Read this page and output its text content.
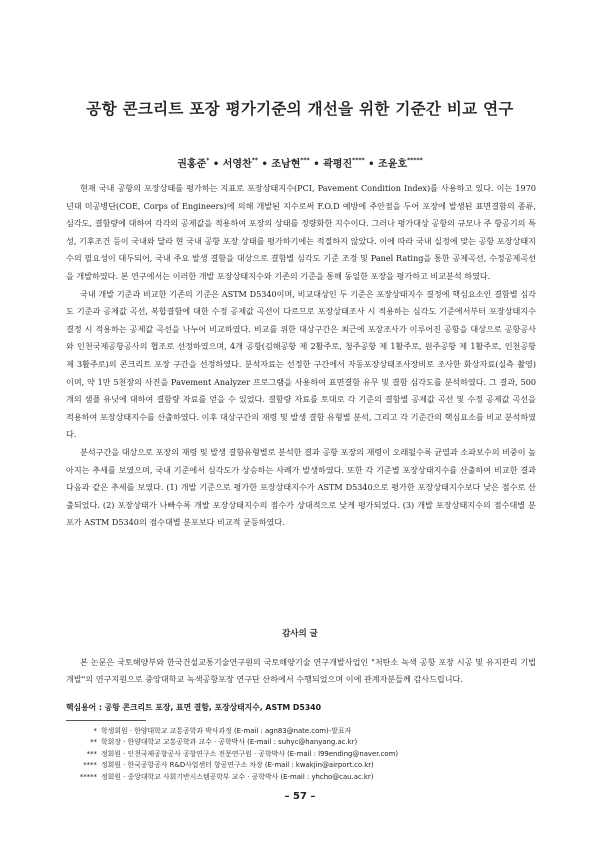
공항 콘크리트 포장 평가기준의 개선을 위한 기준간 비교 연구
권홍준* • 서영찬** • 조남현*** • 곽평진**** • 조윤호*****

현재 국내 공항의 포장상태를 평가하는 지표로 포장상태지수(PCI, Pavement Condition Index)를 사용하고 있다. 이는 1970년대 미공병단(COE, Corps of Engineers)에 의해 개발된 지수로써 F.O.D 예방에 주안점을 두어 포장에 발생된 표면결함의 종류, 심각도, 결함량에 대하여 각각의 공제값을 적용하여 포장의 상태를 정량화한 지수이다. 그러나 평가대상 공항의 규모나 주 항공기의 특성, 기후조건 등이 국내와 달라 현 국내 공항 포장 상태를 평가하기에는 적절하지 않았다. 이에 따라 국내 실정에 맞는 공항 포장상태지수의 필요성이 대두되어, 국내 주요 발생 결함을 대상으로 결함별 심각도 기준 조정 및 Panel Rating을 통한 공제곡선, 수정공제곡선을 개발하였다. 본 연구에서는 이러한 개발 포장상태지수와 기존의 기준을 통해 동일한 포장을 평가하고 비교분석 하였다.

국내 개발 기준과 비교한 기존의 기준은 ASTM D5340이며, 비교대상인 두 기준은 포장상태지수 결정에 핵심요소인 결함별 심각도 기준과 공제값 곡선, 복합결함에 대한 수정 공제값 곡선이 다르므로 포장상태조사 시 적용하는 심각도 기준에서부터 포장상태지수 결정 시 적용하는 공제값 곡선을 나누어 비교하였다. 비교를 위한 대상구간은 최근에 포장조사가 이루어진 공항을 대상으로 공항공사와 인천국제공항공사의 협조로 선정하였으며, 4개 공항(김해공항 제 2활주로, 청주공항 제 1활주로, 원주공항 제 1활주로, 인천공항 제 3활주로)의 콘크리트 포장 구간을 선정하였다. 분석자료는 선정한 구간에서 자동포장상태조사장비로 조사한 화상자료(실측 촬영)이며, 약 1만 5천장의 사진을 Pavement Analyzer 프로그램을 사용하여 표면결함 유무 및 결함 심각도를 분석하였다. 그 결과, 500개의 샘플 유닛에 대하여 결함량 자료를 얻을 수 있었다. 결함량 자료를 토대로 각 기준의 결함별 공제값 곡선 및 수정 공제값 곡선을 적용하여 포장상태지수를 산출하였다. 이후 대상구간의 재령 및 발생 결함 유형별 분석, 그리고 각 기준간의 핵심요소를 비교 분석하였다.

분석구간을 대상으로 포장의 재령 및 발생 결함유형별로 분석한 결과 공항 포장의 재령이 오래될수록 균열과 소파보수의 비중이 높아지는 추세를 보였으며, 국내 기준에서 심각도가 상승하는 사례가 발생하였다. 또한 각 기준별 포장상태지수를 산출하여 비교한 결과 다음과 같은 추세를 보였다. (1) 개발 기준으로 평가한 포장상태지수가 ASTM D5340으로 평가한 포장상태지수보다 낮은 점수로 산출되었다. (2) 포장상태가 나빠수록 개발 포장상태지수의 점수가 상대적으로 낮게 평가되었다. (3) 개발 포장상태지수의 점수대별 분포가 ASTM D5340의 점수대별 분포보다 비교적 균등하였다.

감사의 글

본 논문은 국토해양부와 한국건설교통기술연구원의 국토해양기술 연구개발사업인 "저탄소 녹색 공항 포장 시공 및 유지관리 기법개발"의 연구지원으로 중앙대학교 녹색공항포장 연구단 산하에서 수행되었으며 이에 관계자분들께 감사드립니다.

핵심용어 : 공항 콘크리트 포장, 표면 결함, 포장상태지수, ASTM D5340
* 학생회원 · 한양대학교 교통공학과 박사과정 (E-mail : agn83@nate.com)-발표자
** 학회장 · 한양대학교 교통공학과 교수 · 공학박사 (E-mail : suhyc@hanyang.ac.kr)
*** 정회원 · 인천국제공항공사 공항연구소 전문연구원 · 공학박사 (E-mail : l99ending@naver.com)
**** 정회원 · 한국공항공사 R&D사업센터 항공연구소 차장 (E-mail : kwakjin@airport.co.kr)
***** 정회원 · 중앙대학교 사회기반시스템공학부 교수 · 공학박사 (E-mail : yhcho@cau.ac.kr)
– 57 –
